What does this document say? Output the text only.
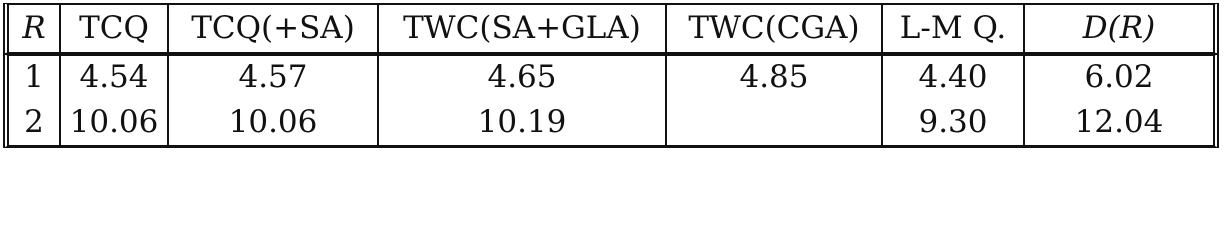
R	TCQ	TCQ(+SA)	TWC(SA+GLA)	TWC(CGA)	L-M Q.	D(R)
1	4.54	4.57	4.65	4.85	4.40	6.02
2	10.06	10.06	10.19		9.30	12.04
